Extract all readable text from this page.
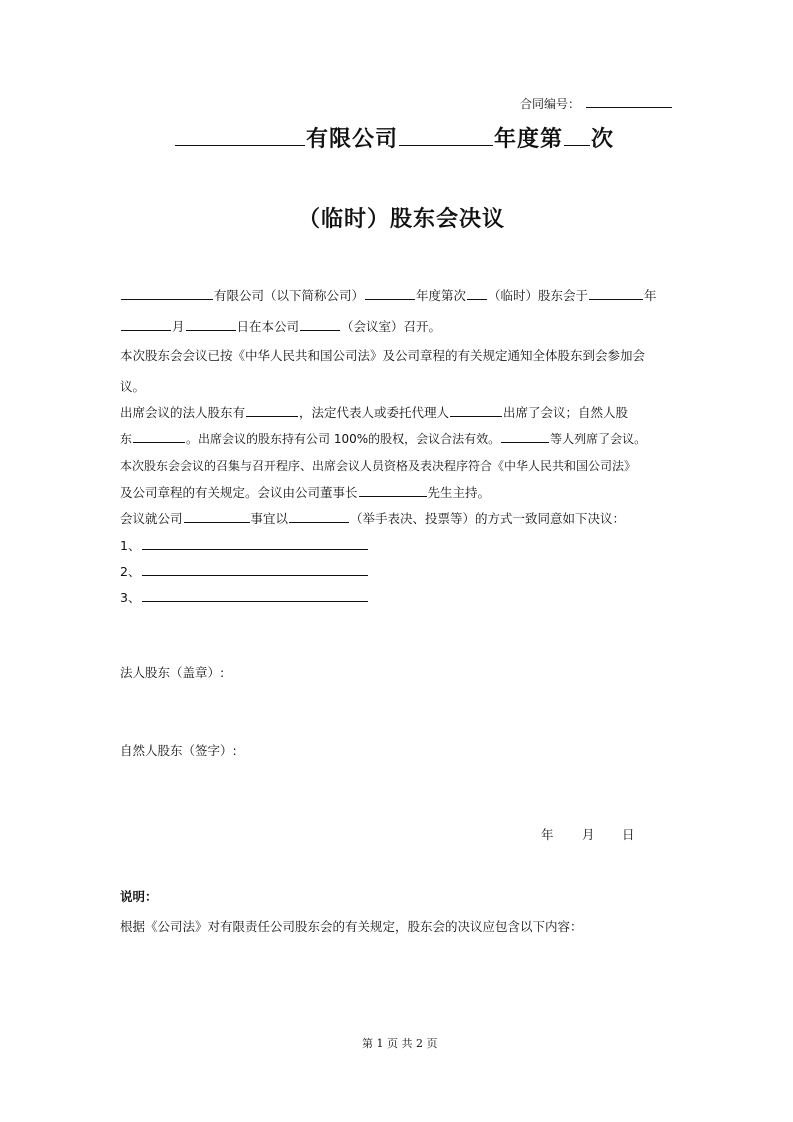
合同编号：
有限公司	年度第 次
（临时）股东会决议
有限公司（以下简称公司）	年度第次 （临时）股东会于	年
月	日在本公司	（会议室）召开。
本次股东会会议已按《中华人民共和国公司法》及公司章程的有关规定通知全体股东到会参加会
议。
出席会议的法人股东有	，法定代表人或委托代理人	出席了会议；自然人股
东	。出席会议的股东持有公司 100%的股权，会议合法有效。	等人列席了会议。
本次股东会会议的召集与召开程序、出席会议人员资格及表决程序符合《中华人民共和国公司法》
及公司章程的有关规定。会议由公司董事长	先生主持。
会议就公司	事宜以	（举手表决、投票等）的方式一致同意如下决议：
1、
2、
3、
法人股东（盖章）:
自然人股东（签字）:
年 月 日
说明：
根据《公司法》对有限责任公司股东会的有关规定，股东会的决议应包含以下内容：
第 1 页 共 2 页
